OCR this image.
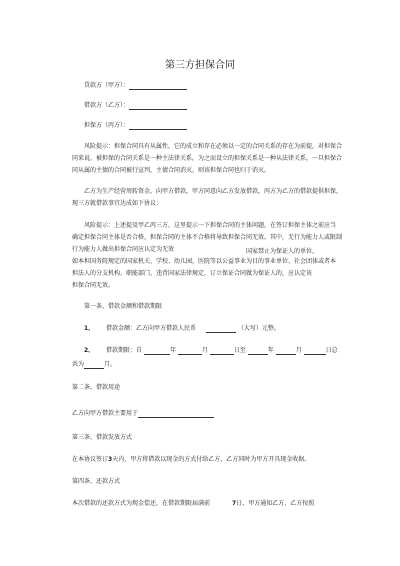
第三方担保合同
贷款方（甲方）：
借款方（乙方）：
担保方（丙方）：
风险提示：担保合同具有从属性，它的成立和存在必须以一定的合同关系的存在为前提，对担保合
同来说，被担保的合同关系是一种主法律关系，为之而设立的担保关系是一种从法律关系，一旦担保合
同从属的主债的合同被行宣判，主债合同消灭，则该担保合同也归于消灭。
乙方为生产经营周转资金，向甲方借款，甲方同意向乙方发放借款，丙方为乙方的借款提供担保，
现三方就借款事宜达成如下协议：
风险提示：上述提及甲乙丙三方，这里提示一下担保合同的主体问题，在签订担保主体之前应当
确定担保合同主体是否合格，担保合同的主体不合格将导致担保合同无效。其中，无行为能力人或限制
行为能力人做出担保合同应认定为无效	国家禁止为保证人的单位，
如本担国务院规定的国家机关、学校、幼儿园，医院等以公益事业为目的事业单位、社会团体或者本
担法人的分支机构、职能部门、违背国家法律规定，订立保证合同做为保证人的，应认定该
担保合同无效。
第一条、借款金额和借款期限
1、 借款金额：乙方向甲方借款人民币	（大写）元整。
2、 借款期限：自	年	月	日至	年	月	日总
共为	月。
第二条、借款用途
乙方向甲方借款主要用于
第三条、借款发放方式
在本协议签订3天内，甲方将借款以现金的方式付给乙方，乙方同时为甲方开具现金收据。
第四条、还款方式
本次借款的还款方式为现金偿还，在借款期限届满前	7日，甲方通知乙方，乙方按照
